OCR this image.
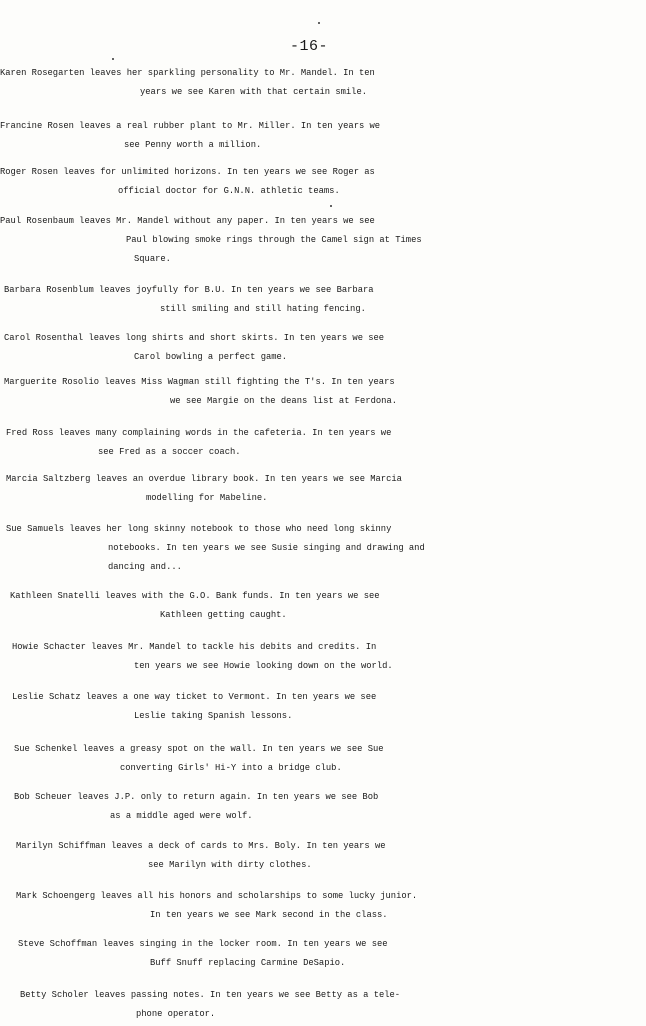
-16-
Karen Rosegarten leaves her sparkling personality to Mr. Mandel. In ten
years we see Karen with that certain smile.
Francine Rosen leaves a real rubber plant to Mr. Miller. In ten years we
see Penny worth a million.
Roger Rosen leaves for unlimited horizons. In ten years we see Roger as
official doctor for G.N.N. athletic teams.
Paul Rosenbaum leaves Mr. Mandel without any paper. In ten years we see
Paul blowing smoke rings through the Camel sign at Times
Square.
Barbara Rosenblum leaves joyfully for B.U. In ten years we see Barbara
still smiling and still hating fencing.
Carol Rosenthal leaves long shirts and short skirts. In ten years we see
Carol bowling a perfect game.
Marguerite Rosolio leaves Miss Wagman still fighting the T's. In ten years
we see Margie on the deans list at Ferdona.
Fred Ross leaves many complaining words in the cafeteria. In ten years we
see Fred as a soccer coach.
Marcia Saltzberg leaves an overdue library book. In ten years we see Marcia
modelling for Mabeline.
Sue Samuels leaves her long skinny notebook to those who need long skinny
notebooks. In ten years we see Susie singing and drawing and
dancing and...
Kathleen Snatelli leaves with the G.O. Bank funds. In ten years we see
Kathleen getting caught.
Howie Schacter leaves Mr. Mandel to tackle his debits and credits. In
ten years we see Howie looking down on the world.
Leslie Schatz leaves a one way ticket to Vermont. In ten years we see
Leslie taking Spanish lessons.
Sue Schenkel leaves a greasy spot on the wall. In ten years we see Sue
converting Girls' Hi-Y into a bridge club.
Bob Scheuer leaves J.P. only to return again. In ten years we see Bob
as a middle aged were wolf.
Marilyn Schiffman leaves a deck of cards to Mrs. Boly. In ten years we
see Marilyn with dirty clothes.
Mark Schoengerg leaves all his honors and scholarships to some lucky junior.
In ten years we see Mark second in the class.
Steve Schoffman leaves singing in the locker room. In ten years we see
Buff Snuff replacing Carmine DeSapio.
Betty Scholer leaves passing notes. In ten years we see Betty as a tele-
phone operator.
